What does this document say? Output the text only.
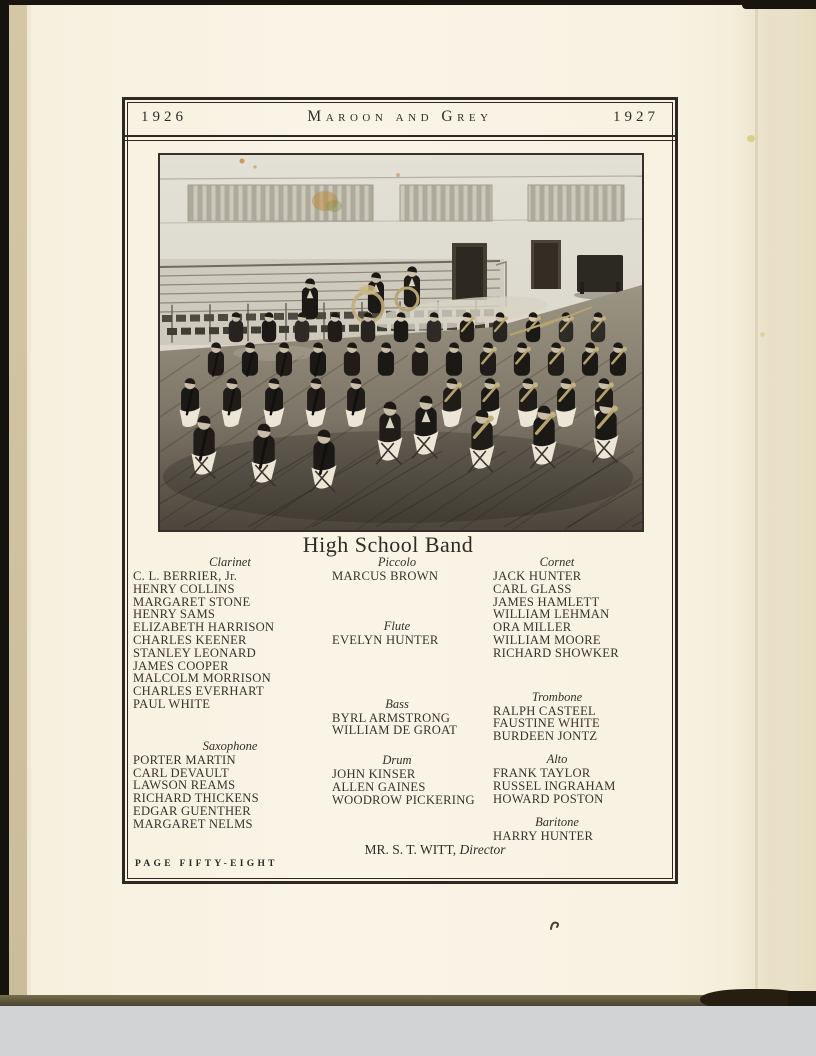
1926	Maroon and Grey	1927
High School Band
Clarinet
C. L. BERRIER, Jr.
HENRY COLLINS
MARGARET STONE
HENRY SAMS
ELIZABETH HARRISON
CHARLES KEENER
STANLEY LEONARD
JAMES COOPER
MALCOLM MORRISON
CHARLES EVERHART
PAUL WHITE
Saxophone
PORTER MARTIN
CARL DEVAULT
LAWSON REAMS
RICHARD THICKENS
EDGAR GUENTHER
MARGARET NELMS
Piccolo
MARCUS BROWN
Flute
EVELYN HUNTER
Bass
BYRL ARMSTRONG
WILLIAM DE GROAT
Drum
JOHN KINSER
ALLEN GAINES
WOODROW PICKERING
Cornet
JACK HUNTER
CARL GLASS
JAMES HAMLETT
WILLIAM LEHMAN
ORA MILLER
WILLIAM MOORE
RICHARD SHOWKER
Trombone
RALPH CASTEEL
FAUSTINE WHITE
BURDEEN JONTZ
Alto
FRANK TAYLOR
RUSSEL INGRAHAM
HOWARD POSTON
Baritone
HARRY HUNTER
MR. S. T. WITT, Director
PAGE FIFTY-EIGHT
